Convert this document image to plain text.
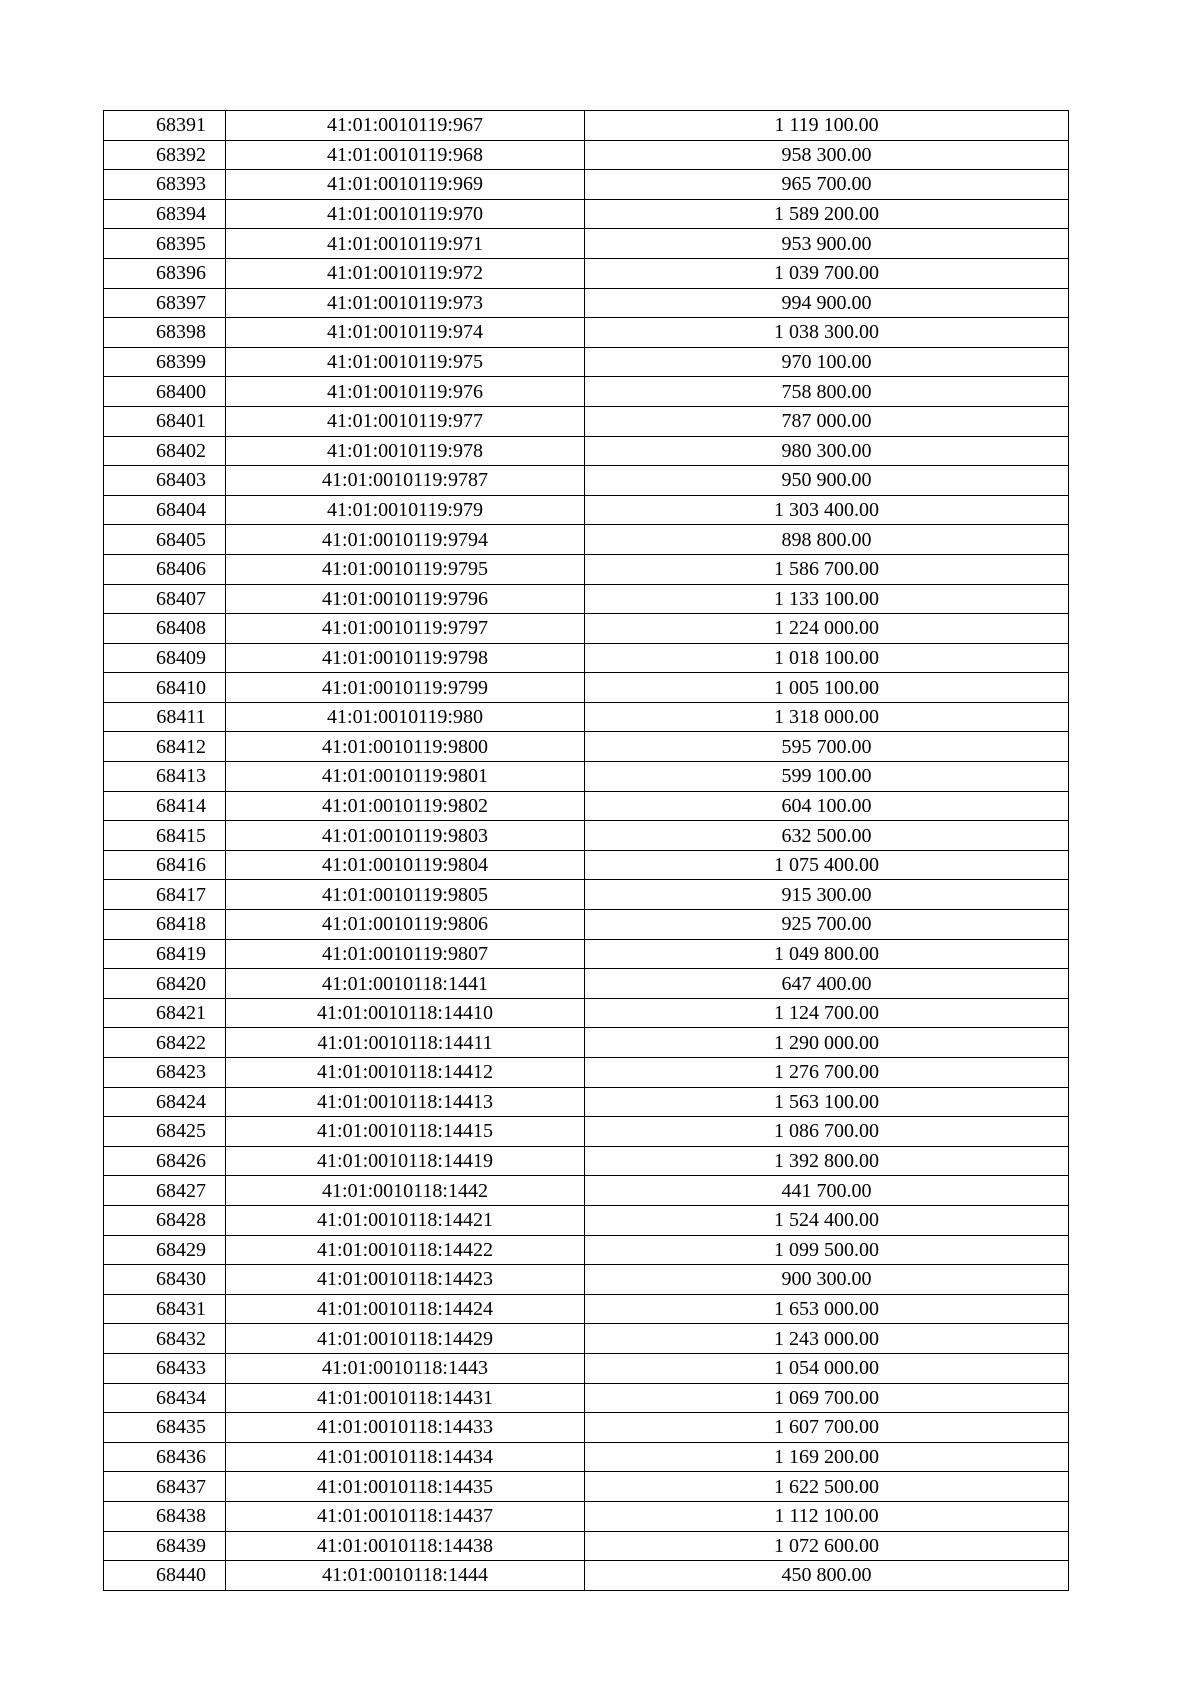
68391	41:01:0010119:967	1 119 100.00
68392	41:01:0010119:968	958 300.00
68393	41:01:0010119:969	965 700.00
68394	41:01:0010119:970	1 589 200.00
68395	41:01:0010119:971	953 900.00
68396	41:01:0010119:972	1 039 700.00
68397	41:01:0010119:973	994 900.00
68398	41:01:0010119:974	1 038 300.00
68399	41:01:0010119:975	970 100.00
68400	41:01:0010119:976	758 800.00
68401	41:01:0010119:977	787 000.00
68402	41:01:0010119:978	980 300.00
68403	41:01:0010119:9787	950 900.00
68404	41:01:0010119:979	1 303 400.00
68405	41:01:0010119:9794	898 800.00
68406	41:01:0010119:9795	1 586 700.00
68407	41:01:0010119:9796	1 133 100.00
68408	41:01:0010119:9797	1 224 000.00
68409	41:01:0010119:9798	1 018 100.00
68410	41:01:0010119:9799	1 005 100.00
68411	41:01:0010119:980	1 318 000.00
68412	41:01:0010119:9800	595 700.00
68413	41:01:0010119:9801	599 100.00
68414	41:01:0010119:9802	604 100.00
68415	41:01:0010119:9803	632 500.00
68416	41:01:0010119:9804	1 075 400.00
68417	41:01:0010119:9805	915 300.00
68418	41:01:0010119:9806	925 700.00
68419	41:01:0010119:9807	1 049 800.00
68420	41:01:0010118:1441	647 400.00
68421	41:01:0010118:14410	1 124 700.00
68422	41:01:0010118:14411	1 290 000.00
68423	41:01:0010118:14412	1 276 700.00
68424	41:01:0010118:14413	1 563 100.00
68425	41:01:0010118:14415	1 086 700.00
68426	41:01:0010118:14419	1 392 800.00
68427	41:01:0010118:1442	441 700.00
68428	41:01:0010118:14421	1 524 400.00
68429	41:01:0010118:14422	1 099 500.00
68430	41:01:0010118:14423	900 300.00
68431	41:01:0010118:14424	1 653 000.00
68432	41:01:0010118:14429	1 243 000.00
68433	41:01:0010118:1443	1 054 000.00
68434	41:01:0010118:14431	1 069 700.00
68435	41:01:0010118:14433	1 607 700.00
68436	41:01:0010118:14434	1 169 200.00
68437	41:01:0010118:14435	1 622 500.00
68438	41:01:0010118:14437	1 112 100.00
68439	41:01:0010118:14438	1 072 600.00
68440	41:01:0010118:1444	450 800.00
